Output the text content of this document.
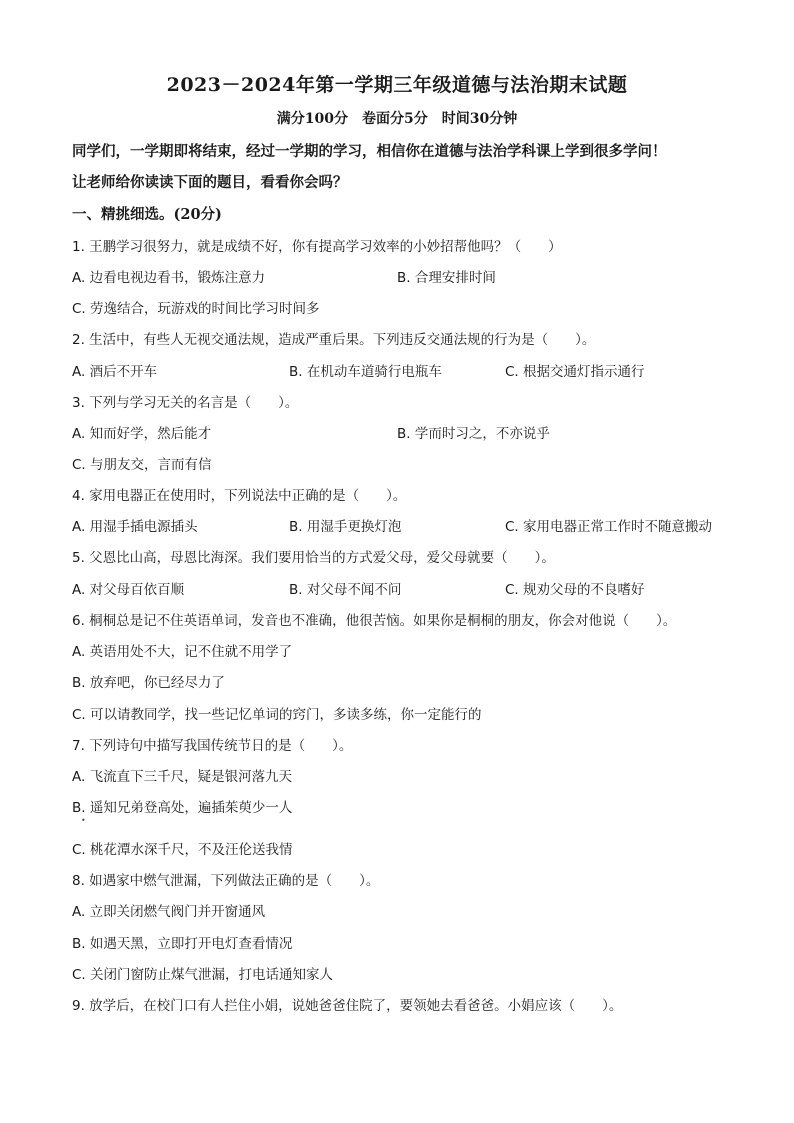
2023－2024年第一学期三年级道德与法治期末试题
满分100分　卷面分5分　时间30分钟
同学们，一学期即将结束，经过一学期的学习，相信你在道德与法治学科课上学到很多学问！
让老师给你读读下面的题目，看看你会吗？
一、精挑细选。(20分)
1. 王鹏学习很努力，就是成绩不好，你有提高学习效率的小妙招帮他吗？（　　）
A. 边看电视边看书，锻炼注意力	B. 合理安排时间
C. 劳逸结合，玩游戏的时间比学习时间多
2. 生活中，有些人无视交通法规，造成严重后果。下列违反交通法规的行为是（　　）。
A. 酒后不开车	B. 在机动车道骑行电瓶车	C. 根据交通灯指示通行
3. 下列与学习无关的名言是（　　）。
A. 知而好学，然后能才	B. 学而时习之，不亦说乎
C. 与朋友交，言而有信
4. 家用电器正在使用时，下列说法中正确的是（　　）。
A. 用湿手插电源插头	B. 用湿手更换灯泡	C. 家用电器正常工作时不随意搬动
5. 父恩比山高，母恩比海深。我们要用恰当的方式爱父母，爱父母就要（　　）。
A. 对父母百依百顺	B. 对父母不闻不问	C. 规劝父母的不良嗜好
6. 桐桐总是记不住英语单词，发音也不准确，他很苦恼。如果你是桐桐的朋友，你会对他说（　　）。
A. 英语用处不大，记不住就不用学了
B. 放弃吧，你已经尽力了
C. 可以请教同学，找一些记忆单词的窍门，多读多练，你一定能行的
7. 下列诗句中描写我国传统节日的是（　　）。
A. 飞流直下三千尺，疑是银河落九天
B. 遥知兄弟登高处，遍插茱萸少一人
•
C. 桃花潭水深千尺，不及汪伦送我情
8. 如遇家中燃气泄漏，下列做法正确的是（　　）。
A. 立即关闭燃气阀门并开窗通风
B. 如遇天黑，立即打开电灯查看情况
C. 关闭门窗防止煤气泄漏，打电话通知家人
9. 放学后，在校门口有人拦住小娟，说她爸爸住院了，要领她去看爸爸。小娟应该（　　）。
